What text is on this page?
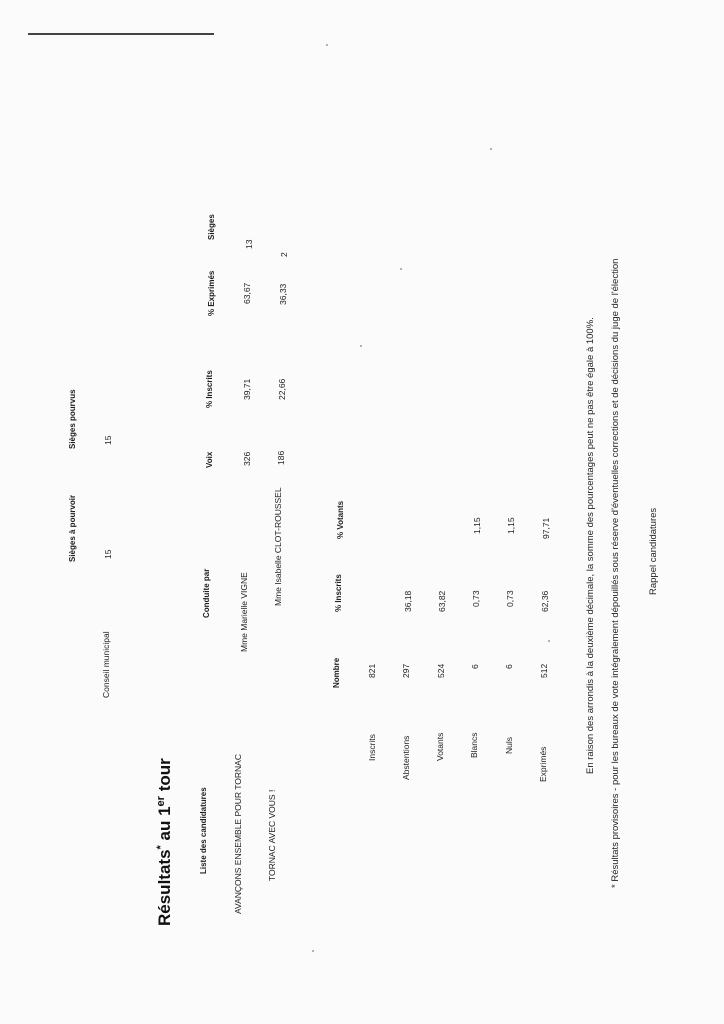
Résultats* au 1er tour
Sièges à pourvoir
Sièges pourvus
Conseil municipal
15
15
Liste des candidatures
Conduite par
Voix
% Inscrits
% Exprimés
Sièges
AVANÇONS ENSEMBLE POUR TORNAC
Mme Marielle VIGNE
326
39,71
63,67
13
TORNAC AVEC VOUS !
Mme Isabelle CLOT-ROUSSEL
186
22,66
36,33
2
Nombre
% Inscrits
% Votants
Inscrits
821
Abstentions
297
36,18
Votants
524
63,82
Blancs
6
0,73
1,15
Nuls
6
0,73
1,15
Exprimés
512
62,36
97,71	En raison des arrondis à la deuxième décimale, la somme des pourcentages peut ne pas être égale à 100%. * Résultats provisoires - pour les bureaux de vote intégralement dépouillés sous réserve d'éventuelles corrections et de décisions du juge de l'élection	Rappel candidatures
